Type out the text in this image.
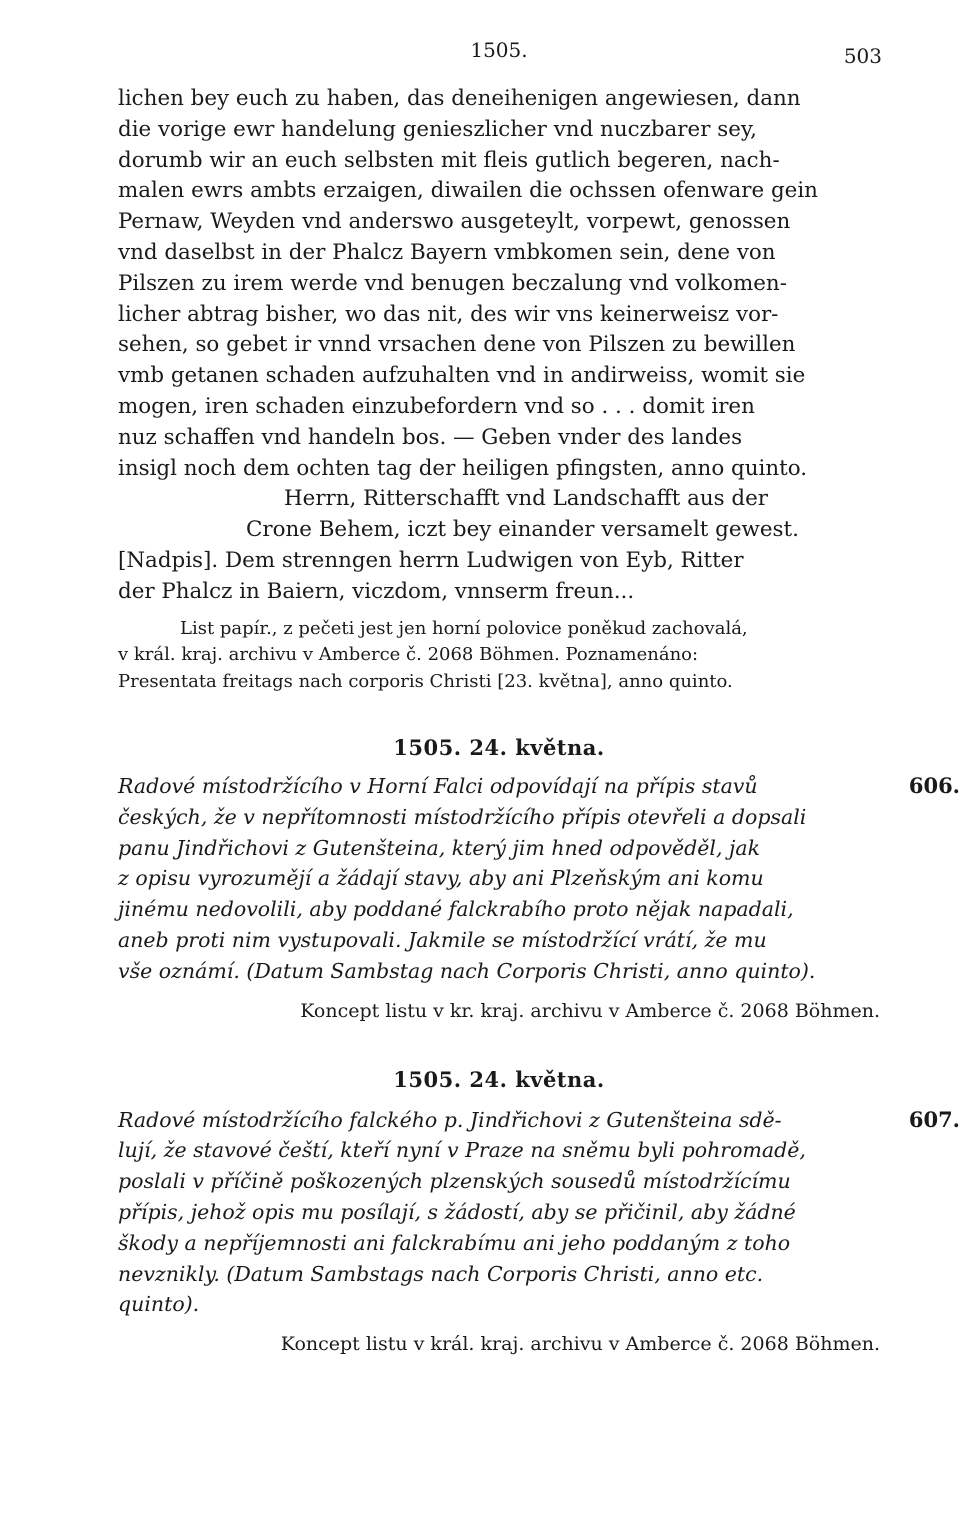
1505.	503

lichen bey euch zu haben, das deneihenigen angewiesen, dann
die vorige ewr handelung genieszlicher vnd nuczbarer sey,
dorumb wir an euch selbsten mit fleis gutlich begeren, nach-
malen ewrs ambts erzaigen, diwailen die ochssen ofenware gein
Pernaw, Weyden vnd anderswo ausgeteylt, vorpewt, genossen
vnd daselbst in der Phalcz Bayern vmbkomen sein, dene von
Pilszen zu irem werde vnd benugen beczalung vnd volkomen-
licher abtrag bisher, wo das nit, des wir vns keinerweisz vor-
sehen, so gebet ir vnnd vrsachen dene von Pilszen zu bewillen
vmb getanen schaden aufzuhalten vnd in andirweiss, womit sie
mogen, iren schaden einzubefordern vnd so . . . domit iren
nuz schaffen vnd handeln bos. — Geben vnder des landes
insigl noch dem ochten tag der heiligen pfingsten, anno quinto.

Herrn, Ritterschafft vnd Landschafft aus der
Crone Behem, iczt bey einander versamelt gewest.

[Nadpis]. Dem strenngen herrn Ludwigen von Eyb, Ritter
der Phalcz in Baiern, viczdom, vnnserm freun...

List papír., z pečeti jest jen horní polovice poněkud zachovalá,
v král. kraj. archivu v Amberce č. 2068 Böhmen. Poznamenáno:
Presentata freitags nach corporis Christi [23. května], anno quinto.
1505. 24. května.
606.

Radové místodržícího v Horní Falci odpovídají na přípis stavů
českých, že v nepřítomnosti místodržícího přípis otevřeli a dopsali
panu Jindřichovi z Gutenšteina, který jim hned odpověděl, jak
z opisu vyrozumějí a žádají stavy, aby ani Plzeňským ani komu
jinému nedovolili, aby poddané falckrabího proto nějak napadali,
aneb proti nim vystupovali. Jakmile se místodržící vrátí, že mu
vše oznámí. (Datum Sambstag nach Corporis Christi, anno quinto).

Koncept listu v kr. kraj. archivu v Amberce č. 2068 Böhmen.
1505. 24. května.
607.

Radové místodržícího falckého p. Jindřichovi z Gutenšteina sdě-
lují, že stavové čeští, kteří nyní v Praze na sněmu byli pohromadě,
poslali v příčině poškozených plzenských sousedů místodržícímu
přípis, jehož opis mu posílají, s žádostí, aby se přičinil, aby žádné
škody a nepříjemnosti ani falckrabímu ani jeho poddaným z toho
nevznikly. (Datum Sambstags nach Corporis Christi, anno etc.
quinto).

Koncept listu v král. kraj. archivu v Amberce č. 2068 Böhmen.
